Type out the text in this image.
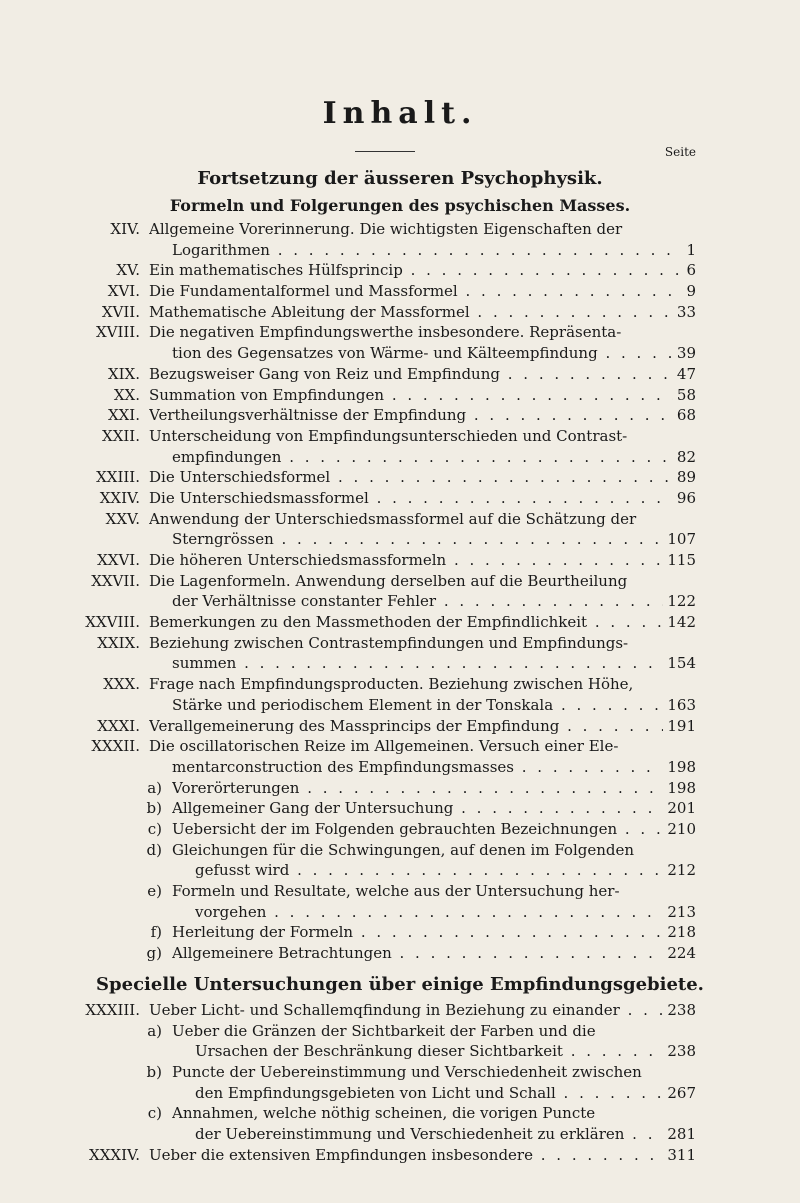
Inhalt.
Seite
Fortsetzung der äusseren Psychophysik.
Formeln und Folgerungen des psychischen Masses.
XIV. Allgemeine Vorerinnerung. Die wichtigsten Eigenschaften der
Logarithmen . . .	1
XV. Ein mathematisches Hülfsprincip . . .	6
XVI. Die Fundamentalformel und Massformel . . .	9
XVII. Mathematische Ableitung der Massformel . . .	33
XVIII. Die negativen Empfindungswerthe insbesondere. Repräsenta-
tion des Gegensatzes von Wärme- und Kälteempfindung . . .	39
XIX. Bezugsweiser Gang von Reiz und Empfindung . . .	47
XX. Summation von Empfindungen . . .	58
XXI. Vertheilungsverhältnisse der Empfindung . . .	68
XXII. Unterscheidung von Empfindungsunterschieden und Contrast-
empfindungen . . .	82
XXIII. Die Unterschiedsformel . . .	89
XXIV. Die Unterschiedsmassformel . . .	96
XXV. Anwendung der Unterschiedsmassformel auf die Schätzung der
Sterngrössen . . .	107
XXVI. Die höheren Unterschiedsmassformeln . . .	115
XXVII. Die Lagenformeln. Anwendung derselben auf die Beurtheilung
der Verhältnisse constanter Fehler . . .	122
XXVIII. Bemerkungen zu den Massmethoden der Empfindlichkeit . . .	142
XXIX. Beziehung zwischen Contrastempfindungen und Empfindungs-
summen . . .	154
XXX. Frage nach Empfindungsproducten. Beziehung zwischen Höhe,
Stärke und periodischem Element in der Tonskala . . .	163
XXXI. Verallgemeinerung des Massprincips der Empfindung . . .	191
XXXII. Die oscillatorischen Reize im Allgemeinen. Versuch einer Ele-
mentarconstruction des Empfindungsmasses . . .	198
a) Vorerörterungen . . .	198
b) Allgemeiner Gang der Untersuchung . . .	201
c) Uebersicht der im Folgenden gebrauchten Bezeichnungen . . .	210
d) Gleichungen für die Schwingungen, auf denen im Folgenden
gefusst wird . . .	212
e) Formeln und Resultate, welche aus der Untersuchung her-
vorgehen . . .	213
f) Herleitung der Formeln . . .	218
g) Allgemeinere Betrachtungen . . .	224
Specielle Untersuchungen über einige Empfindungsgebiete.
XXXIII. Ueber Licht- und Schallemqfindung in Beziehung zu einander . . .	238
a) Ueber die Gränzen der Sichtbarkeit der Farben und die
Ursachen der Beschränkung dieser Sichtbarkeit . . .	238
b) Puncte der Uebereinstimmung und Verschiedenheit zwischen
den Empfindungsgebieten von Licht und Schall . . .	267
c) Annahmen, welche nöthig scheinen, die vorigen Puncte
der Uebereinstimmung und Verschiedenheit zu erklären . . .	281
XXXIV. Ueber die extensiven Empfindungen insbesondere . . .	311
